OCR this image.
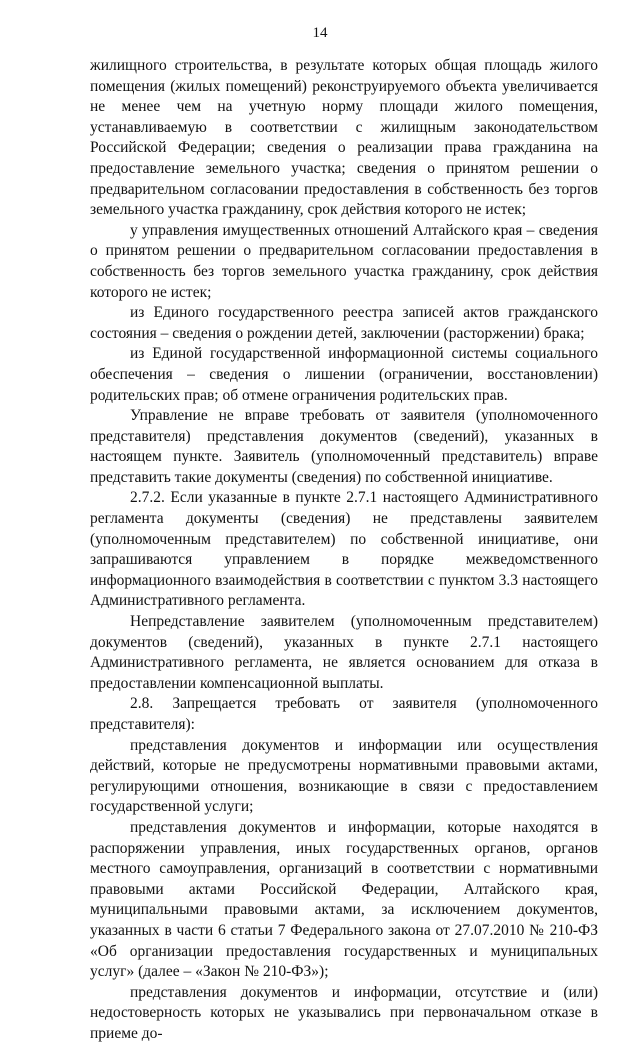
14

жилищного строительства, в результате которых общая площадь жилого помещения (жилых помещений) реконструируемого объекта увеличивается не менее чем на учетную норму площади жилого помещения, устанавливаемую в соответствии с жилищным законодательством Российской Федерации; сведения о реализации права гражданина на предоставление земельного участка; сведения о принятом решении о предварительном согласовании предоставления в собственность без торгов земельного участка гражданину, срок действия которого не истек;

у управления имущественных отношений Алтайского края – сведения о принятом решении о предварительном согласовании предоставления в собственность без торгов земельного участка гражданину, срок действия которого не истек;

из Единого государственного реестра записей актов гражданского состояния – сведения о рождении детей, заключении (расторжении) брака;

из Единой государственной информационной системы социального обеспечения – сведения о лишении (ограничении, восстановлении) родительских прав; об отмене ограничения родительских прав.

Управление не вправе требовать от заявителя (уполномоченного представителя) представления документов (сведений), указанных в настоящем пункте. Заявитель (уполномоченный представитель) вправе представить такие документы (сведения) по собственной инициативе.

2.7.2. Если указанные в пункте 2.7.1 настоящего Административного регламента документы (сведения) не представлены заявителем (уполномоченным представителем) по собственной инициативе, они запрашиваются управлением в порядке межведомственного информационного взаимодействия в соответствии с пунктом 3.3 настоящего Административного регламента.

Непредставление заявителем (уполномоченным представителем) документов (сведений), указанных в пункте 2.7.1 настоящего Административного регламента, не является основанием для отказа в предоставлении компенсационной выплаты.

2.8. Запрещается требовать от заявителя (уполномоченного представителя):

представления документов и информации или осуществления действий, которые не предусмотрены нормативными правовыми актами, регулирующими отношения, возникающие в связи с предоставлением государственной услуги;

представления документов и информации, которые находятся в распоряжении управления, иных государственных органов, органов местного самоуправления, организаций в соответствии с нормативными правовыми актами Российской Федерации, Алтайского края, муниципальными правовыми актами, за исключением документов, указанных в части 6 статьи 7 Федерального закона от 27.07.2010 № 210-ФЗ «Об организации предоставления государственных и муниципальных услуг» (далее – «Закон № 210-ФЗ»);

представления документов и информации, отсутствие и (или) недостоверность которых не указывались при первоначальном отказе в приеме до-
